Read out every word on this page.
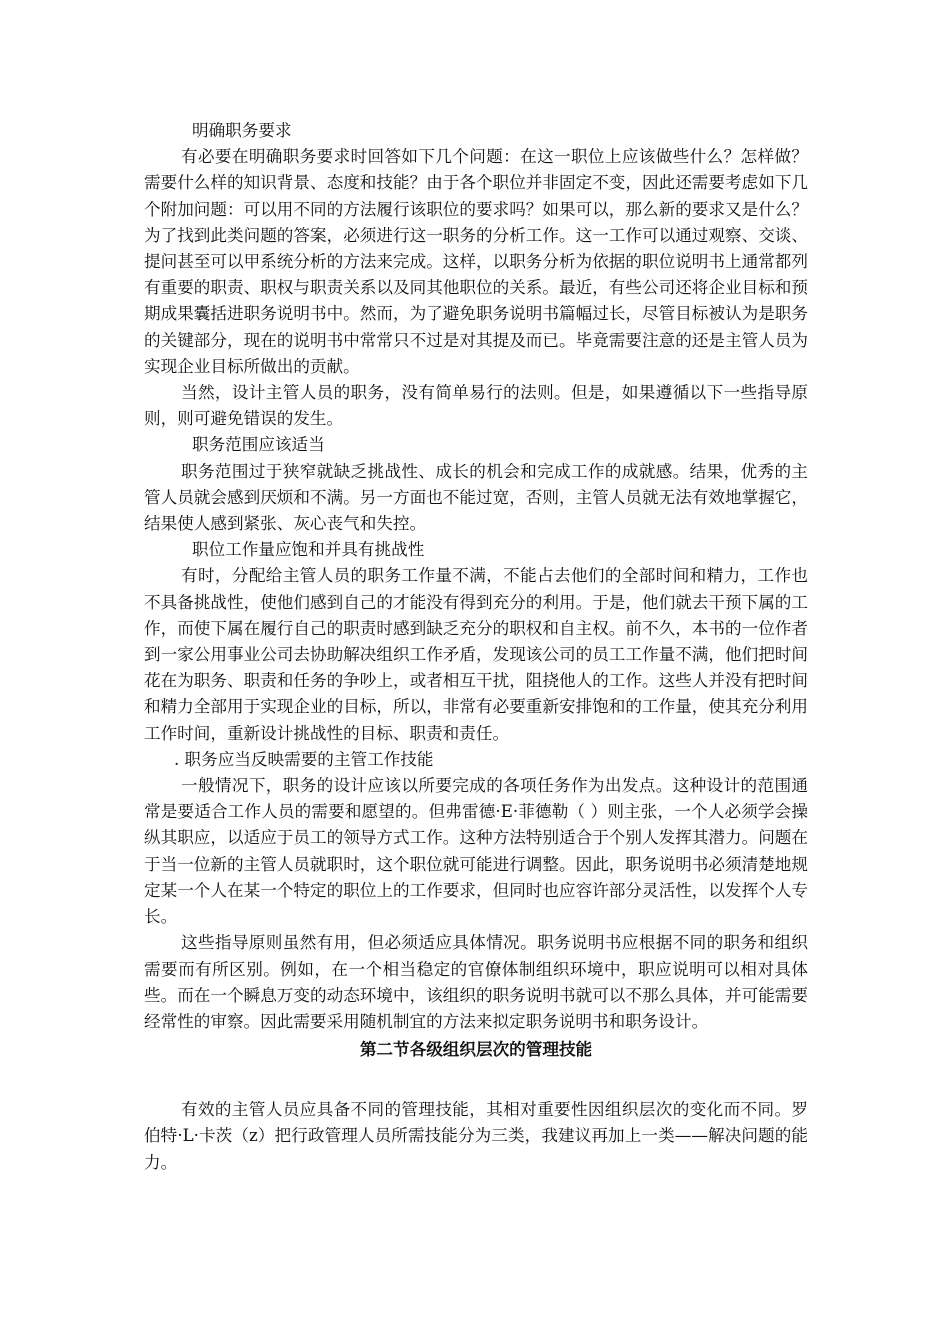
明确职务要求

有必要在明确职务要求时回答如下几个问题：在这一职位上应该做些什么？怎样做？需要什么样的知识背景、态度和技能？由于各个职位并非固定不变，因此还需要考虑如下几个附加问题：可以用不同的方法履行该职位的要求吗？如果可以，那么新的要求又是什么？为了找到此类问题的答案，必须进行这一职务的分析工作。这一工作可以通过观察、交谈、提问甚至可以甲系统分析的方法来完成。这样，以职务分析为依据的职位说明书上通常都列有重要的职责、职权与职责关系以及同其他职位的关系。最近，有些公司还将企业目标和预期成果囊括进职务说明书中。然而，为了避免职务说明书篇幅过长，尽管目标被认为是职务的关键部分，现在的说明书中常常只不过是对其提及而已。毕竟需要注意的还是主管人员为实现企业目标所做出的贡献。

当然，设计主管人员的职务，没有简单易行的法则。但是，如果遵循以下一些指导原则，则可避免错误的发生。

职务范围应该适当

职务范围过于狭窄就缺乏挑战性、成长的机会和完成工作的成就感。结果，优秀的主管人员就会感到厌烦和不满。另一方面也不能过宽，否则，主管人员就无法有效地掌握它，结果使人感到紧张、灰心丧气和失控。

职位工作量应饱和并具有挑战性

有时，分配给主管人员的职务工作量不满，不能占去他们的全部时间和精力，工作也不具备挑战性，使他们感到自己的才能没有得到充分的利用。于是，他们就去干预下属的工作，而使下属在履行自己的职责时感到缺乏充分的职权和自主权。前不久，本书的一位作者到一家公用事业公司去协助解决组织工作矛盾，发现该公司的员工工作量不满，他们把时间花在为职务、职责和任务的争吵上，或者相互干扰，阻挠他人的工作。这些人并没有把时间和精力全部用于实现企业的目标，所以，非常有必要重新安排饱和的工作量，使其充分利用工作时间，重新设计挑战性的目标、职责和责任。

. 职务应当反映需要的主管工作技能

一般情况下，职务的设计应该以所要完成的各项任务作为出发点。这种设计的范围通常是要适合工作人员的需要和愿望的。但弗雷德·E·菲德勒（ ）则主张，一个人必须学会操纵其职应，以适应于员工的领导方式工作。这种方法特别适合于个别人发挥其潜力。问题在于当一位新的主管人员就职时，这个职位就可能进行调整。因此，职务说明书必须清楚地规定某一个人在某一个特定的职位上的工作要求，但同时也应容许部分灵活性，以发挥个人专长。

这些指导原则虽然有用，但必须适应具体情况。职务说明书应根据不同的职务和组织需要而有所区别。例如，在一个相当稳定的官僚体制组织环境中，职应说明可以相对具体些。而在一个瞬息万变的动态环境中，该组织的职务说明书就可以不那么具体，并可能需要经常性的审察。因此需要采用随机制宜的方法来拟定职务说明书和职务设计。

第二节各级组织层次的管理技能

有效的主管人员应具备不同的管理技能，其相对重要性因组织层次的变化而不同。罗伯特·L·卡茨（z）把行政管理人员所需技能分为三类，我建议再加上一类——解决问题的能力。
